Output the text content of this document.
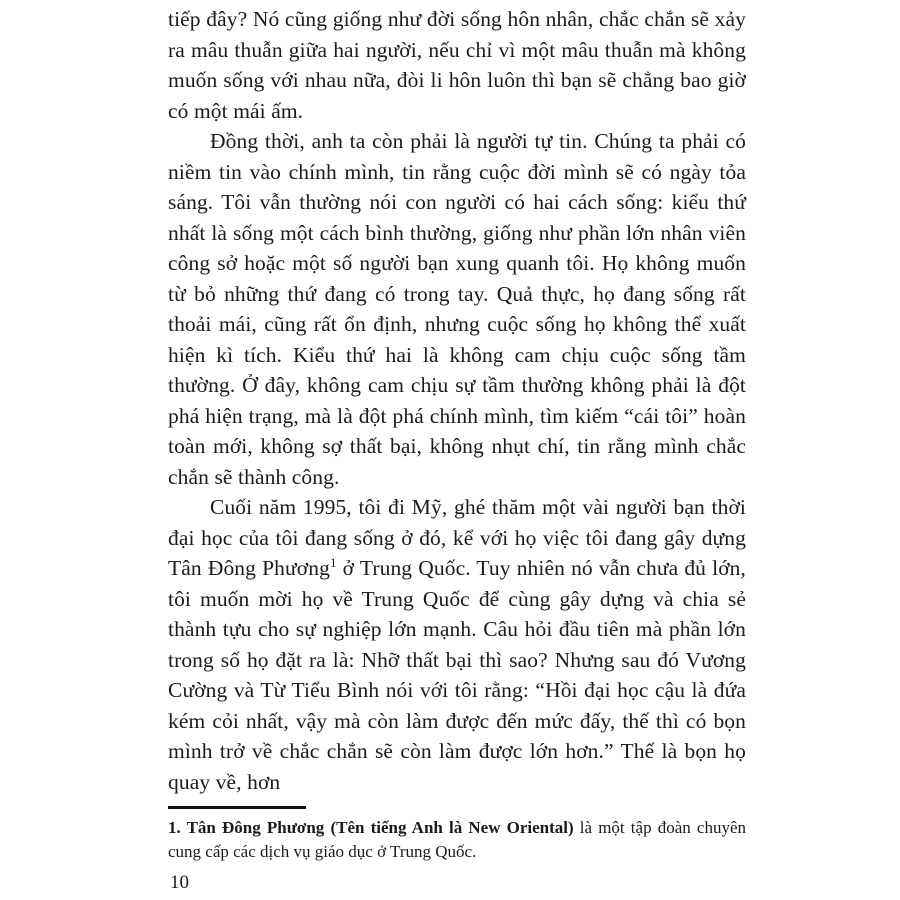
tiếp đây? Nó cũng giống như đời sống hôn nhân, chắc chắn sẽ xảy ra mâu thuẫn giữa hai người, nếu chỉ vì một mâu thuẫn mà không muốn sống với nhau nữa, đòi li hôn luôn thì bạn sẽ chẳng bao giờ có một mái ấm.

Đồng thời, anh ta còn phải là người tự tin. Chúng ta phải có niềm tin vào chính mình, tin rằng cuộc đời mình sẽ có ngày tỏa sáng. Tôi vẫn thường nói con người có hai cách sống: kiểu thứ nhất là sống một cách bình thường, giống như phần lớn nhân viên công sở hoặc một số người bạn xung quanh tôi. Họ không muốn từ bỏ những thứ đang có trong tay. Quả thực, họ đang sống rất thoải mái, cũng rất ổn định, nhưng cuộc sống họ không thể xuất hiện kì tích. Kiểu thứ hai là không cam chịu cuộc sống tầm thường. Ở đây, không cam chịu sự tầm thường không phải là đột phá hiện trạng, mà là đột phá chính mình, tìm kiếm “cái tôi” hoàn toàn mới, không sợ thất bại, không nhụt chí, tin rằng mình chắc chắn sẽ thành công.

Cuối năm 1995, tôi đi Mỹ, ghé thăm một vài người bạn thời đại học của tôi đang sống ở đó, kể với họ việc tôi đang gây dựng Tân Đông Phương$^1$ ở Trung Quốc. Tuy nhiên nó vẫn chưa đủ lớn, tôi muốn mời họ về Trung Quốc để cùng gây dựng và chia sẻ thành tựu cho sự nghiệp lớn mạnh. Câu hỏi đầu tiên mà phần lớn trong số họ đặt ra là: Nhỡ thất bại thì sao? Nhưng sau đó Vương Cường và Từ Tiểu Bình nói với tôi rằng: “Hồi đại học cậu là đứa kém cỏi nhất, vậy mà còn làm được đến mức đấy, thế thì có bọn mình trở về chắc chắn sẽ còn làm được lớn hơn.” Thế là bọn họ quay về, hơn

1. Tân Đông Phương (Tên tiếng Anh là New Oriental) là một tập đoàn chuyên cung cấp các dịch vụ giáo dục ở Trung Quốc.

10
